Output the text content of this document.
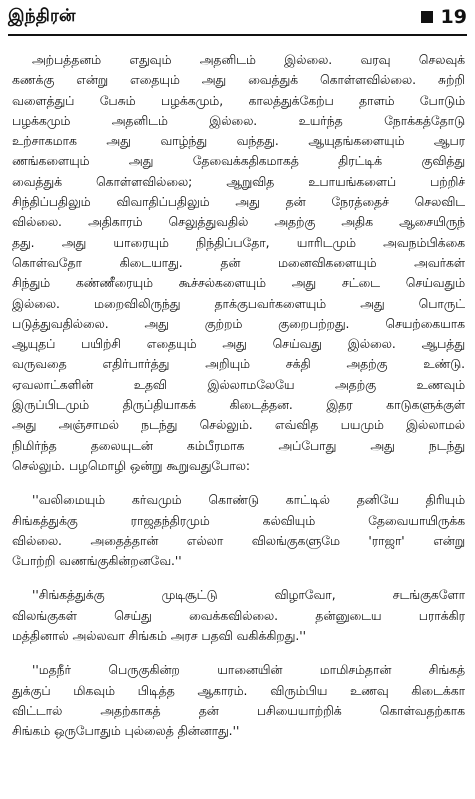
இந்திரன்	19
அற்பத்தனம் எதுவும் அதனிடம் இல்லை. வரவு செலவுக்
கணக்கு என்று எதையும் அது வைத்துக் கொள்ளவில்லை. சுற்றி
வளைத்துப் பேசும் பழக்கமும், காலத்துக்கேற்ப தாளம் போடும்
பழக்கமும் அதனிடம் இல்லை. உயர்ந்த நோக்கத்தோடு
உற்சாகமாக அது வாழ்ந்து வந்தது. ஆயுதங்களையும் ஆபர
ணங்களையும் அது தேவைக்கதிகமாகத் திரட்டிக் குவித்து
வைத்துக் கொள்ளவில்லை; ஆறுவித உபாயங்களைப் பற்றிச்
சிந்திப்பதிலும் விவாதிப்பதிலும் அது தன் நேரத்தைச் செலவிட
வில்லை. அதிகாரம் செலுத்துவதில் அதற்கு அதிக ஆசையிருந்
தது. அது யாரையும் நிந்திப்பதோ, யாரிடமும் அவநம்பிக்கை
கொள்வதோ கிடையாது. தன் மனைவிகளையும் அவர்கள்
சிந்தும் கண்ணீரையும் கூச்சல்களையும் அது சட்டை செய்வதும்
இல்லை. மறைவிலிருந்து தாக்குபவர்களையும் அது பொருட்
படுத்துவதில்லை. அது குற்றம் குறைபற்றது. செயற்கையாக
ஆயுதப் பயிற்சி எதையும் அது செய்வது இல்லை. ஆபத்து
வருவதை எதிர்பார்த்து அறியும் சக்தி அதற்கு உண்டு.
ஏவலாட்களின் உதவி இல்லாமலேயே அதற்கு உணவும்
இருப்பிடமும் திருப்தியாகக் கிடைத்தன. இதர காடுகளுக்குள்
அது அஞ்சாமல் நடந்து செல்லும். எவ்வித பயமும் இல்லாமல்
நிமிர்ந்த தலையுடன் கம்பீரமாக அப்போது அது நடந்து
செல்லும். பழமொழி ஒன்று கூறுவதுபோல:
''வலிமையும் கர்வமும் கொண்டு காட்டில் தனியே திரியும்
சிங்கத்துக்கு ராஜதந்திரமும் கல்வியும் தேவையாயிருக்க
வில்லை. அதைத்தான் எல்லா விலங்குகளுமே 'ராஜா' என்று
போற்றி வணங்குகின்றனவே.''
''சிங்கத்துக்கு முடிசூட்டு விழாவோ, சடங்குகளோ
விலங்குகள் செய்து வைக்கவில்லை. தன்னுடைய பராக்கிர
மத்தினால் அல்லவா சிங்கம் அரச பதவி வகிக்கிறது.''
''மதநீர் பெருகுகின்ற யானையின் மாமிசம்தான் சிங்கத்
துக்குப் மிகவும் பிடித்த ஆகாரம். விரும்பிய உணவு கிடைக்கா
விட்டால் அதற்காகத் தன் பசியையாற்றிக் கொள்வதற்காக
சிங்கம் ஒருபோதும் புல்லைத் தின்னாது.''
